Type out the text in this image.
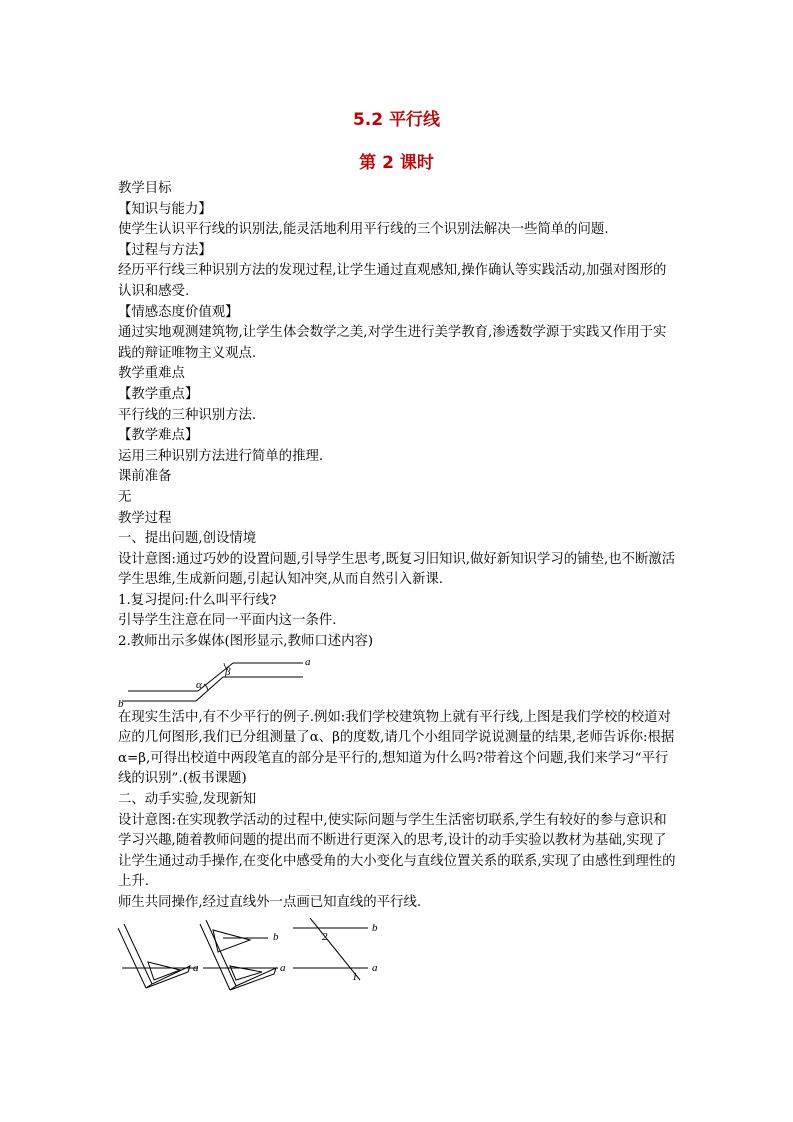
5.2 平行线
第 2 课时

教学目标

【知识与能力】

使学生认识平行线的识别法,能灵活地利用平行线的三个识别法解决一些简单的问题.

【过程与方法】

经历平行线三种识别方法的发现过程,让学生通过直观感知,操作确认等实践活动,加强对图形的认识和感受.

【情感态度价值观】

通过实地观测建筑物,让学生体会数学之美,对学生进行美学教育,渗透数学源于实践又作用于实践的辩证唯物主义观点.

教学重难点

【教学重点】

平行线的三种识别方法.

【教学难点】

运用三种识别方法进行简单的推理.

课前准备

无

教学过程

一、提出问题,创设情境

设计意图:通过巧妙的设置问题,引导学生思考,既复习旧知识,做好新知识学习的铺垫,也不断激活学生思维,生成新问题,引起认知冲突,从而自然引入新课.

1.复习提问:什么叫平行线?

引导学生注意在同一平面内这一条件.

2.教师出示多媒体(图形显示,教师口述内容)

a
b
α
β

在现实生活中,有不少平行的例子.例如:我们学校建筑物上就有平行线,上图是我们学校的校道对应的几何图形,我们已分组测量了α、β的度数,请几个小组同学说说测量的结果,老师告诉你:根据α=β,可得出校道中两段笔直的部分是平行的,想知道为什么吗?带着这个问题,我们来学习“平行线的识别”.(板书课题)

二、动手实验,发现新知

设计意图:在实现教学活动的过程中,使实际问题与学生生活密切联系,学生有较好的参与意识和学习兴趣,随着教师问题的提出而不断进行更深入的思考,设计的动手实验以教材为基础,实现了让学生通过动手操作,在变化中感受角的大小变化与直线位置关系的联系,实现了由感性到理性的上升.

师生共同操作,经过直线外一点画已知直线的平行线.

a
b
a
b
a
2
1
